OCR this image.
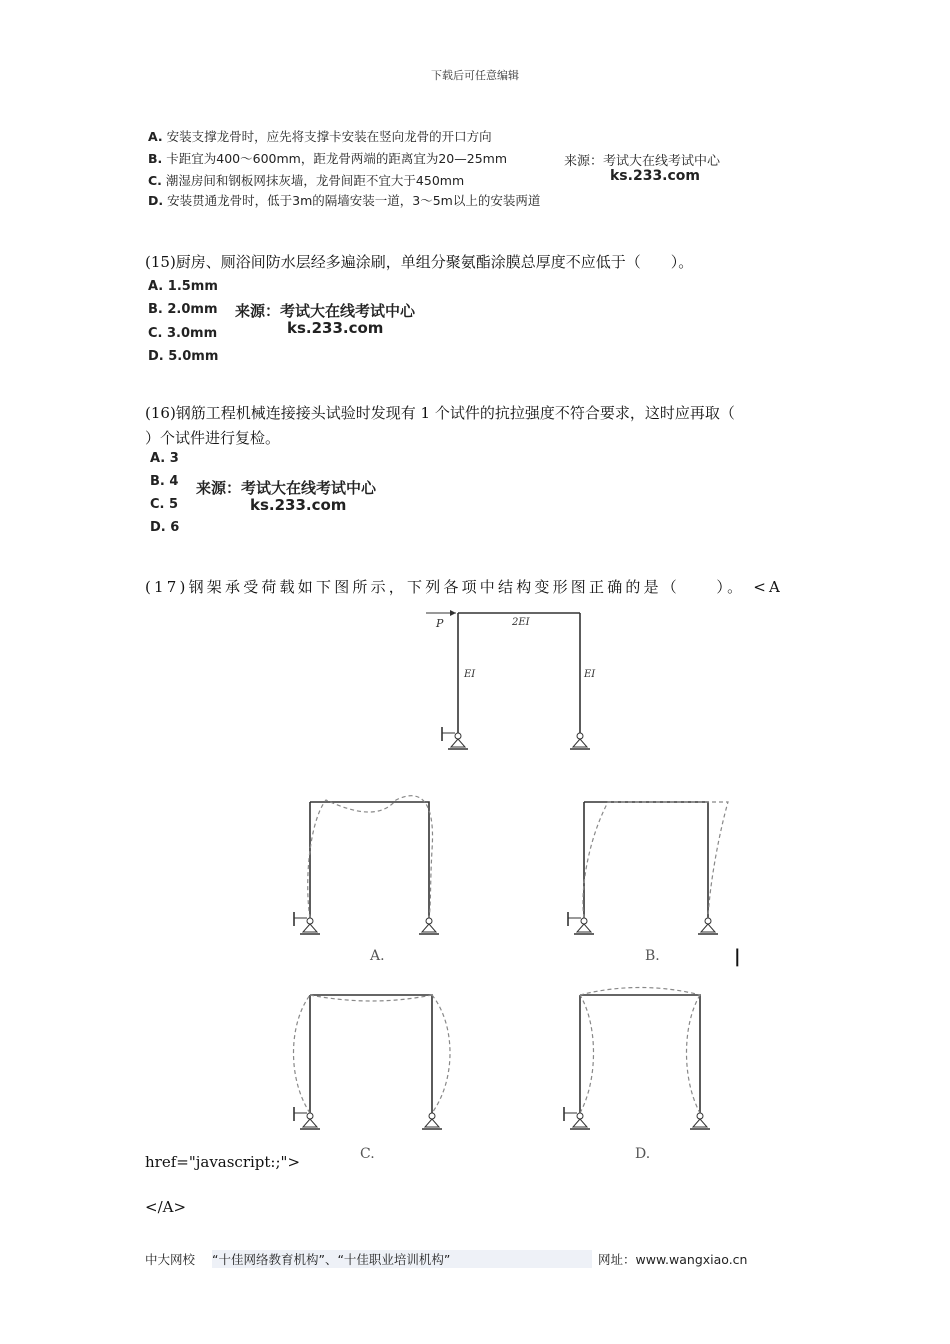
下载后可任意编辑
A. 安装支撑龙骨时，应先将支撑卡安装在竖向龙骨的开口方向
B. 卡距宜为400～600mm，距龙骨两端的距离宜为20—25mm
C. 潮湿房间和钢板网抹灰墙，龙骨间距不宜大于450mm
D. 安装贯通龙骨时，低于3m的隔墙安装一道，3～5m以上的安装两道
来源：考试大在线考试中心
ks.233.com
(15)厨房、厕浴间防水层经多遍涂刷，单组分聚氨酯涂膜总厚度不应低于（　　）。
A. 1.5mm
B. 2.0mm
C. 3.0mm
D. 5.0mm
来源：考试大在线考试中心
ks.233.com
(16)钢筋工程机械连接接头试验时发现有 1 个试件的抗拉强度不符合要求，这时应再取（
）个试件进行复检。
A. 3
B. 4
C. 5
D. 6
来源：考试大在线考试中心
ks.233.com
(17)钢架承受荷载如下图所示，下列各项中结构变形图正确的是（　　）。 <A
P	2EI
EI	EI
A.	B.	|
C.	D.
href="javascript:;">
</A>
中大网校 “十佳网络教育机构”、“十佳职业培训机构”	网址：www.wangxiao.cn
